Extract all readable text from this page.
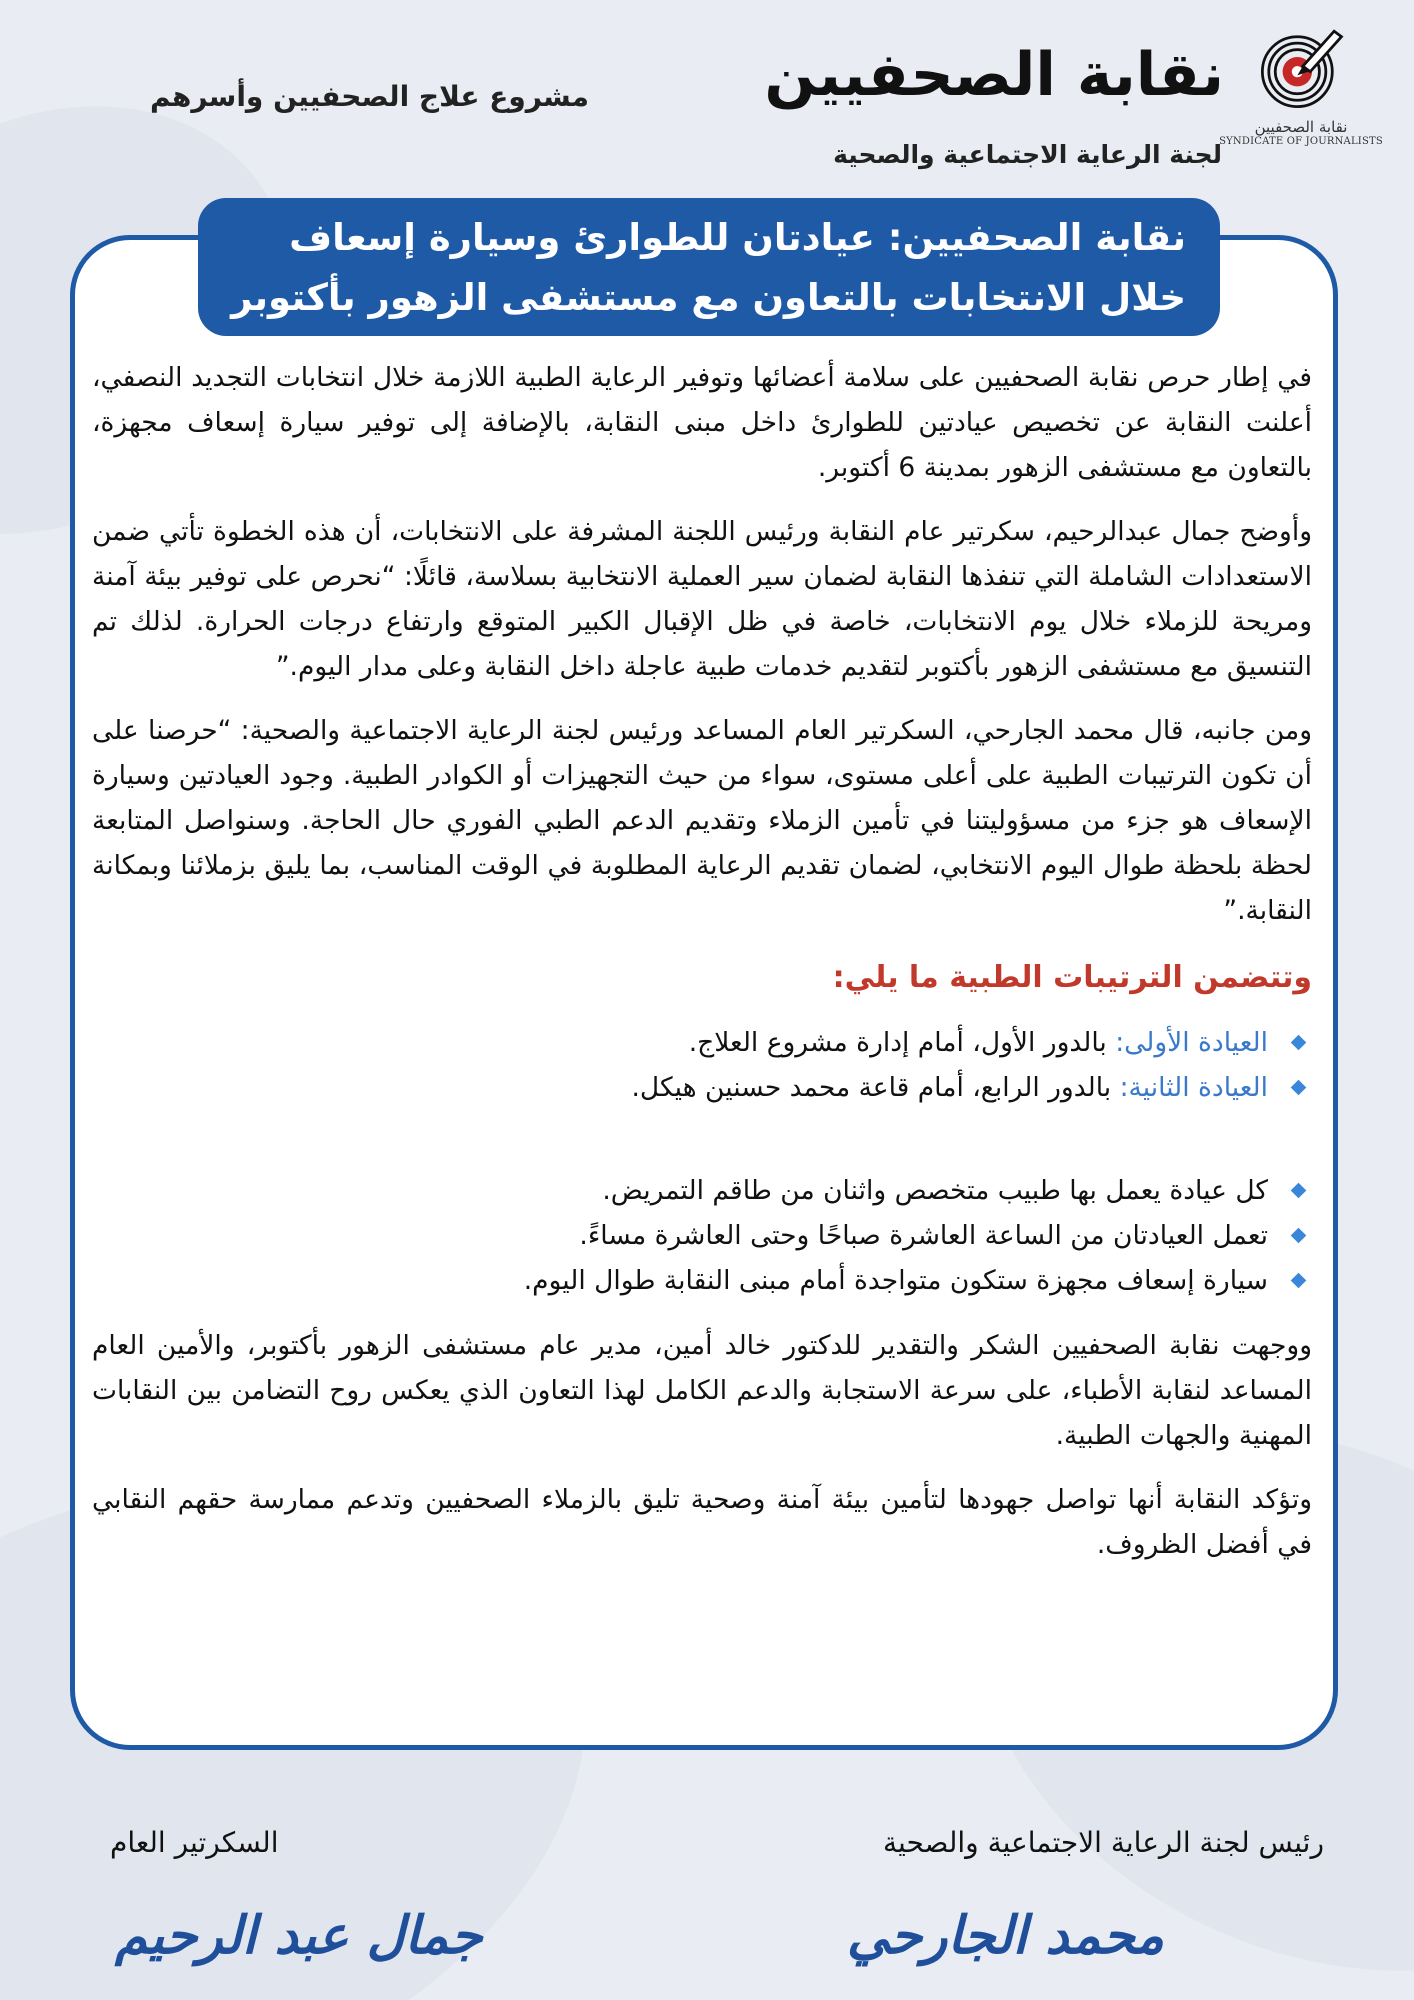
نقابة الصحفيين
SYNDICATE OF JOURNALISTS
نقابة الصحفيين
لجنة الرعاية الاجتماعية والصحية
مشروع علاج الصحفيين وأسرهم
نقابة الصحفيين: عيادتان للطوارئ وسيارة إسعاف
خلال الانتخابات بالتعاون مع مستشفى الزهور بأكتوبر

في إطار حرص نقابة الصحفيين على سلامة أعضائها وتوفير الرعاية الطبية اللازمة خلال انتخابات التجديد النصفي، أعلنت النقابة عن تخصيص عيادتين للطوارئ داخل مبنى النقابة، بالإضافة إلى توفير سيارة إسعاف مجهزة، بالتعاون مع مستشفى الزهور بمدينة 6 أكتوبر.

وأوضح جمال عبدالرحيم، سكرتير عام النقابة ورئيس اللجنة المشرفة على الانتخابات، أن هذه الخطوة تأتي ضمن الاستعدادات الشاملة التي تنفذها النقابة لضمان سير العملية الانتخابية بسلاسة، قائلًا: “نحرص على توفير بيئة آمنة ومريحة للزملاء خلال يوم الانتخابات، خاصة في ظل الإقبال الكبير المتوقع وارتفاع درجات الحرارة. لذلك تم التنسيق مع مستشفى الزهور بأكتوبر لتقديم خدمات طبية عاجلة داخل النقابة وعلى مدار اليوم.”

ومن جانبه، قال محمد الجارحي، السكرتير العام المساعد ورئيس لجنة الرعاية الاجتماعية والصحية: “حرصنا على أن تكون الترتيبات الطبية على أعلى مستوى، سواء من حيث التجهيزات أو الكوادر الطبية. وجود العيادتين وسيارة الإسعاف هو جزء من مسؤوليتنا في تأمين الزملاء وتقديم الدعم الطبي الفوري حال الحاجة. وسنواصل المتابعة لحظة بلحظة طوال اليوم الانتخابي، لضمان تقديم الرعاية المطلوبة في الوقت المناسب، بما يليق بزملائنا وبمكانة النقابة.”

وتتضمن الترتيبات الطبية ما يلي:
العيادة الأولى: بالدور الأول، أمام إدارة مشروع العلاج.
العيادة الثانية: بالدور الرابع، أمام قاعة محمد حسنين هيكل.
كل عيادة يعمل بها طبيب متخصص واثنان من طاقم التمريض.
تعمل العيادتان من الساعة العاشرة صباحًا وحتى العاشرة مساءً.
سيارة إسعاف مجهزة ستكون متواجدة أمام مبنى النقابة طوال اليوم.

ووجهت نقابة الصحفيين الشكر والتقدير للدكتور خالد أمين، مدير عام مستشفى الزهور بأكتوبر، والأمين العام المساعد لنقابة الأطباء، على سرعة الاستجابة والدعم الكامل لهذا التعاون الذي يعكس روح التضامن بين النقابات المهنية والجهات الطبية.

وتؤكد النقابة أنها تواصل جهودها لتأمين بيئة آمنة وصحية تليق بالزملاء الصحفيين وتدعم ممارسة حقهم النقابي في أفضل الظروف.

رئيس لجنة الرعاية الاجتماعية والصحية
السكرتير العام
محمد الجارحي
جمال عبد الرحيم
